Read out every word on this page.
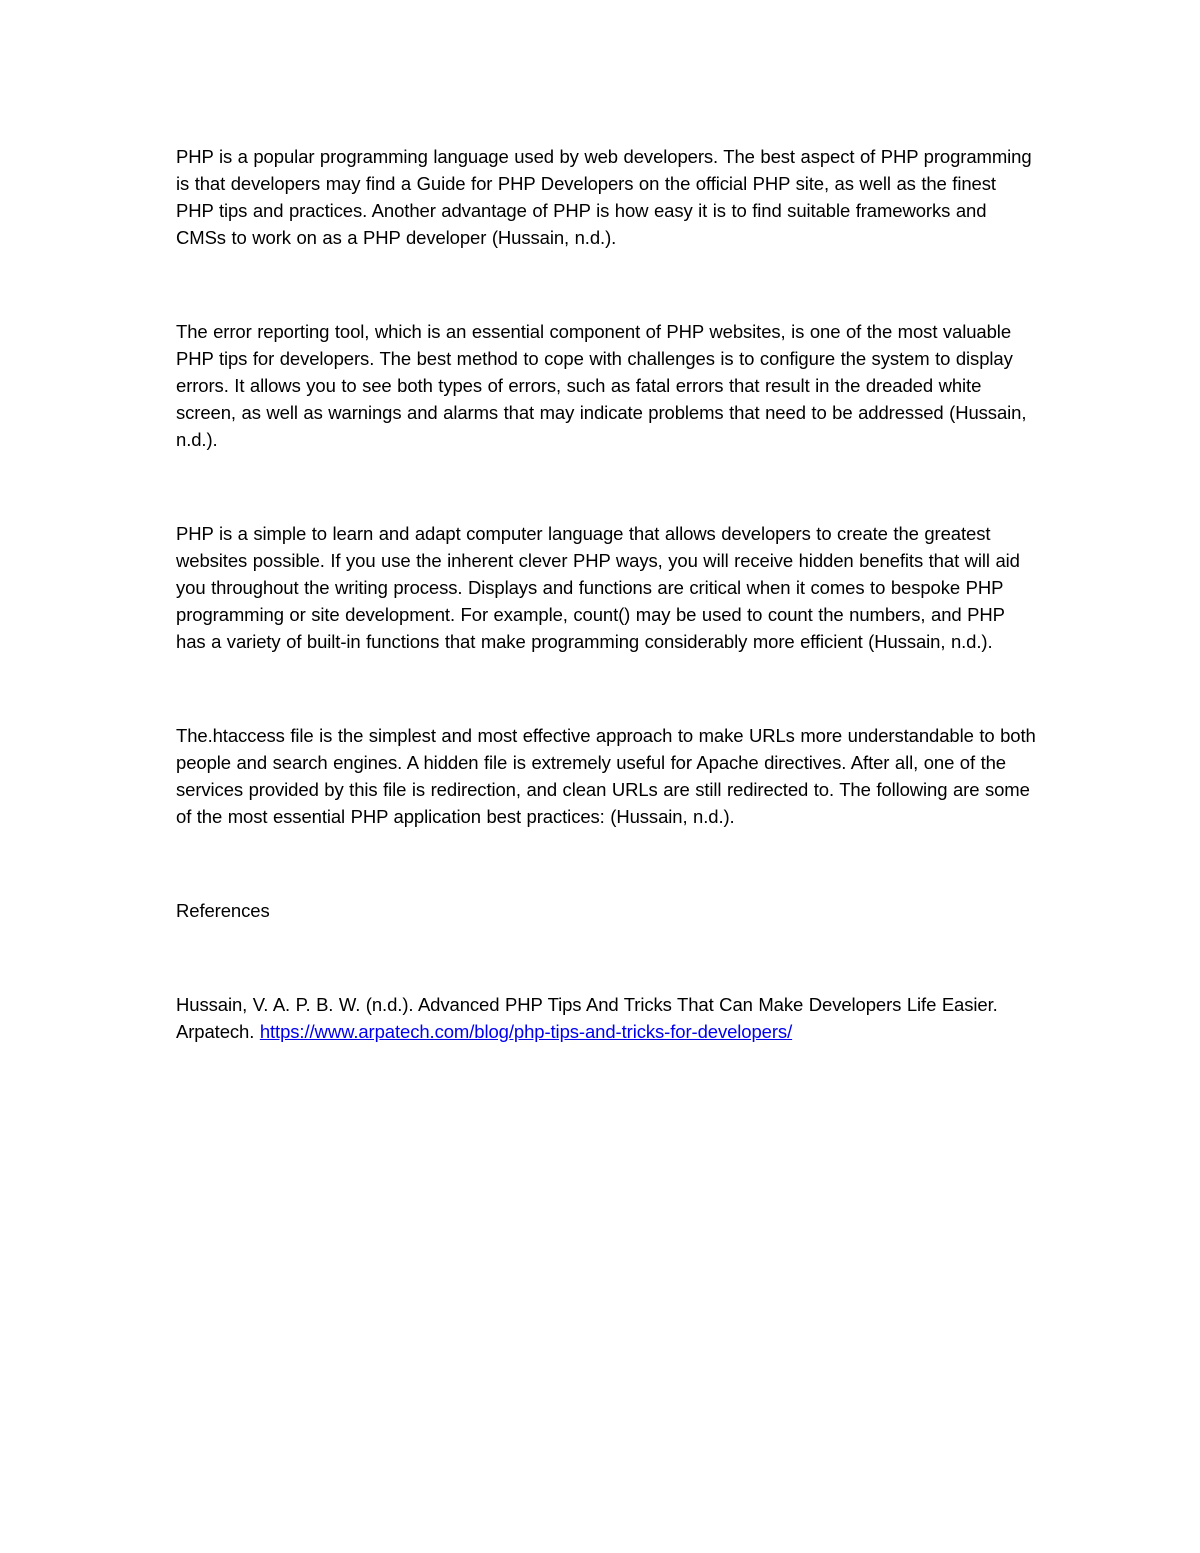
PHP is a popular programming language used by web developers. The best aspect of PHP programming is that developers may find a Guide for PHP Developers on the official PHP site, as well as the finest PHP tips and practices. Another advantage of PHP is how easy it is to find suitable frameworks and CMSs to work on as a PHP developer (Hussain, n.d.).

The error reporting tool, which is an essential component of PHP websites, is one of the most valuable PHP tips for developers. The best method to cope with challenges is to configure the system to display errors. It allows you to see both types of errors, such as fatal errors that result in the dreaded white screen, as well as warnings and alarms that may indicate problems that need to be addressed (Hussain, n.d.).

PHP is a simple to learn and adapt computer language that allows developers to create the greatest websites possible. If you use the inherent clever PHP ways, you will receive hidden benefits that will aid you throughout the writing process. Displays and functions are critical when it comes to bespoke PHP programming or site development. For example, count() may be used to count the numbers, and PHP has a variety of built-in functions that make programming considerably more efficient (Hussain, n.d.).

The.htaccess file is the simplest and most effective approach to make URLs more understandable to both people and search engines. A hidden file is extremely useful for Apache directives. After all, one of the services provided by this file is redirection, and clean URLs are still redirected to. The following are some of the most essential PHP application best practices: (Hussain, n.d.).

References

Hussain, V. A. P. B. W. (n.d.). Advanced PHP Tips And Tricks That Can Make Developers Life Easier. Arpatech. https://www.arpatech.com/blog/php-tips-and-tricks-for-developers/
